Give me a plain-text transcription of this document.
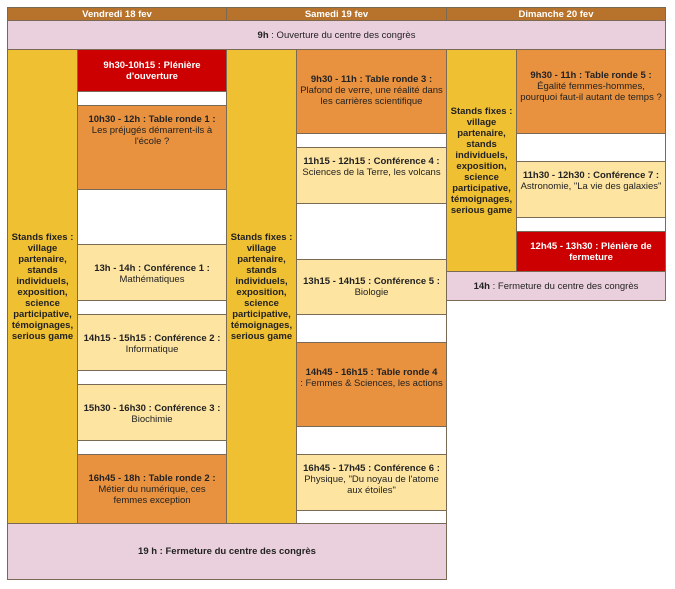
Vendredi 18 fev	Samedi 19 fev	Dimanche 20 fev
9h : Ouverture du centre des congrès
Stands fixes : village partenaire, stands individuels, exposition, science participative, témoignages, serious game
Stands fixes : village partenaire, stands individuels, exposition, science participative, témoignages, serious game
Stands fixes : village partenaire, stands individuels, exposition, science participative, témoignages, serious game
9h30-10h15 : Plénière d'ouverture
10h30 - 12h : Table ronde 1 :
Les préjugés démarrent-ils à l'école ?
13h - 14h : Conférence 1 :
Mathématiques
14h15 - 15h15 : Conférence 2 :
Informatique
15h30 - 16h30 : Conférence 3 :
Biochimie
16h45 - 18h : Table ronde 2 :
Métier du numérique, ces femmes exception
9h30 - 11h : Table ronde 3 :
Plafond de verre, une réalité dans les carrières scientifique
11h15 - 12h15 : Conférence 4 :
Sciences de la Terre, les volcans
13h15 - 14h15 : Conférence 5 :
Biologie
14h45 - 16h15 : Table ronde 4
: Femmes & Sciences, les actions
16h45 - 17h45 : Conférence 6 :
Physique, "Du noyau de l'atome aux étoiles"
9h30 - 11h : Table ronde 5 :
Égalité femmes-hommes, pourquoi faut-il autant de temps ?
11h30 - 12h30 : Conférence 7 :
Astronomie, "La vie des galaxies"
12h45 - 13h30 : Plénière de fermeture
14h : Fermeture du centre des congrès
19 h : Fermeture du centre des congrès
